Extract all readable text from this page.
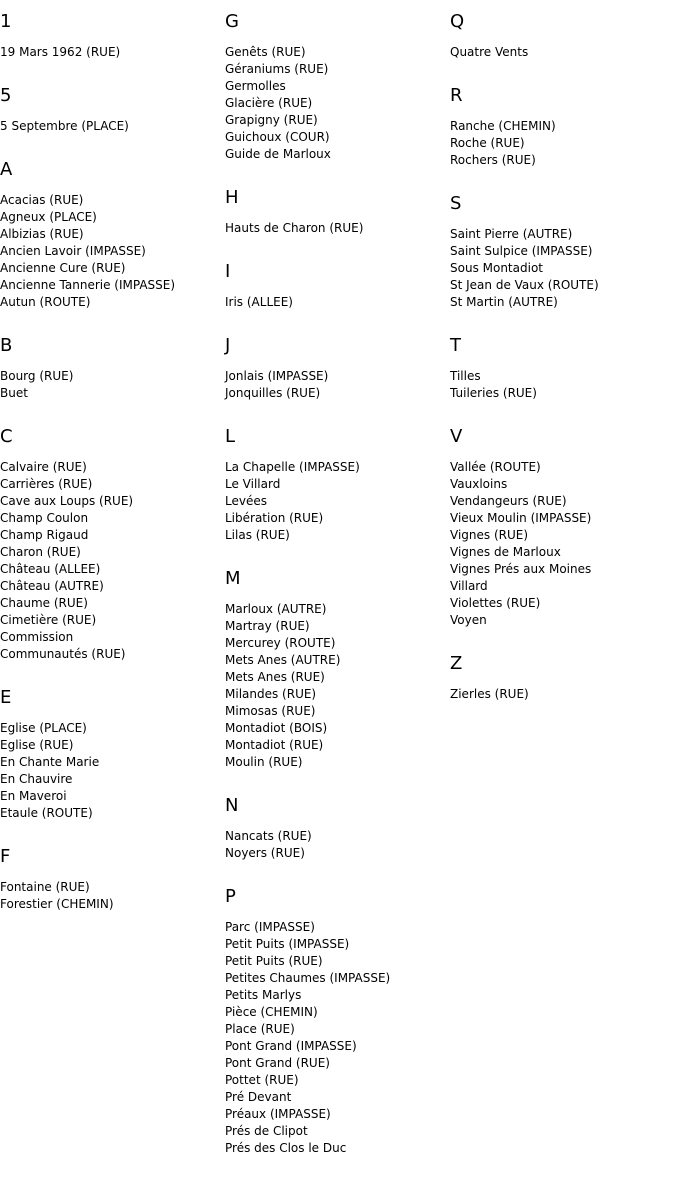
1
19 Mars 1962 (RUE)
5
5 Septembre (PLACE)
A
Acacias (RUE)
Agneux (PLACE)
Albizias (RUE)
Ancien Lavoir (IMPASSE)
Ancienne Cure (RUE)
Ancienne Tannerie (IMPASSE)
Autun (ROUTE)
B
Bourg (RUE)
Buet
C
Calvaire (RUE)
Carrières (RUE)
Cave aux Loups (RUE)
Champ Coulon
Champ Rigaud
Charon (RUE)
Château (ALLEE)
Château (AUTRE)
Chaume (RUE)
Cimetière (RUE)
Commission
Communautés (RUE)
E
Eglise (PLACE)
Eglise (RUE)
En Chante Marie
En Chauvire
En Maveroi
Etaule (ROUTE)
F
Fontaine (RUE)
Forestier (CHEMIN)
G
Genêts (RUE)
Géraniums (RUE)
Germolles
Glacière (RUE)
Grapigny (RUE)
Guichoux (COUR)
Guide de Marloux
H
Hauts de Charon (RUE)
I
Iris (ALLEE)
J
Jonlais (IMPASSE)
Jonquilles (RUE)
L
La Chapelle (IMPASSE)
Le Villard
Levées
Libération (RUE)
Lilas (RUE)
M
Marloux (AUTRE)
Martray (RUE)
Mercurey (ROUTE)
Mets Anes (AUTRE)
Mets Anes (RUE)
Milandes (RUE)
Mimosas (RUE)
Montadiot (BOIS)
Montadiot (RUE)
Moulin (RUE)
N
Nancats (RUE)
Noyers (RUE)
P
Parc (IMPASSE)
Petit Puits (IMPASSE)
Petit Puits (RUE)
Petites Chaumes (IMPASSE)
Petits Marlys
Pièce (CHEMIN)
Place (RUE)
Pont Grand (IMPASSE)
Pont Grand (RUE)
Pottet (RUE)
Pré Devant
Préaux (IMPASSE)
Prés de Clipot
Prés des Clos le Duc
Q
Quatre Vents
R
Ranche (CHEMIN)
Roche (RUE)
Rochers (RUE)
S
Saint Pierre (AUTRE)
Saint Sulpice (IMPASSE)
Sous Montadiot
St Jean de Vaux (ROUTE)
St Martin (AUTRE)
T
Tilles
Tuileries (RUE)
V
Vallée (ROUTE)
Vauxloins
Vendangeurs (RUE)
Vieux Moulin (IMPASSE)
Vignes (RUE)
Vignes de Marloux
Vignes Prés aux Moines
Villard
Violettes (RUE)
Voyen
Z
Zierles (RUE)
